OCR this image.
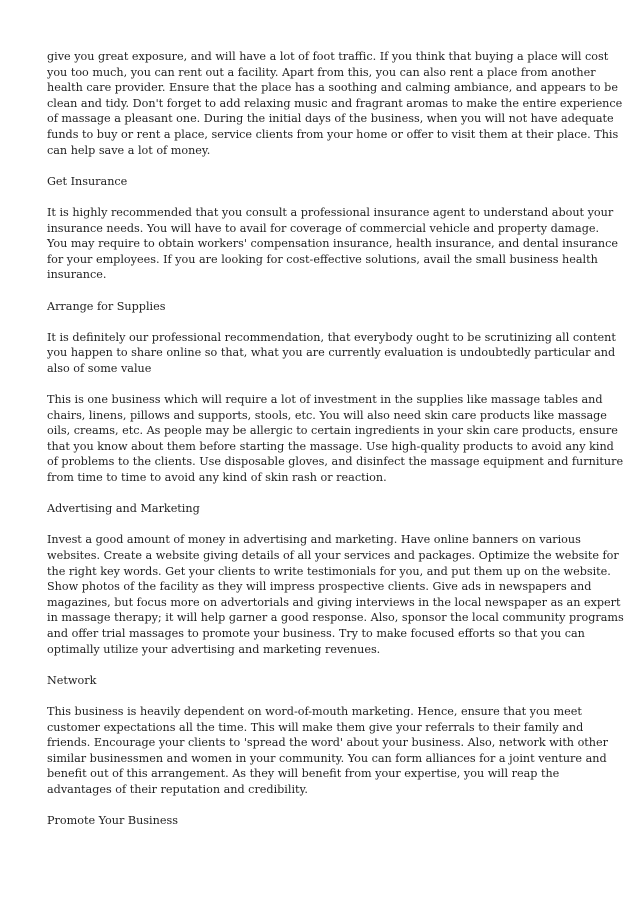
give you great exposure, and will have a lot of foot traffic. If you think that buying a place will cost
you too much, you can rent out a facility. Apart from this, you can also rent a place from another
health care provider. Ensure that the place has a soothing and calming ambiance, and appears to be
clean and tidy. Don't forget to add relaxing music and fragrant aromas to make the entire experience
of massage a pleasant one. During the initial days of the business, when you will not have adequate
funds to buy or rent a place, service clients from your home or offer to visit them at their place. This
can help save a lot of money.
Get Insurance
It is highly recommended that you consult a professional insurance agent to understand about your
insurance needs. You will have to avail for coverage of commercial vehicle and property damage.
You may require to obtain workers' compensation insurance, health insurance, and dental insurance
for your employees. If you are looking for cost-effective solutions, avail the small business health
insurance.
Arrange for Supplies
It is definitely our professional recommendation, that everybody ought to be scrutinizing all content
you happen to share online so that, what you are currently evaluation is undoubtedly particular and
also of some value
This is one business which will require a lot of investment in the supplies like massage tables and
chairs, linens, pillows and supports, stools, etc. You will also need skin care products like massage
oils, creams, etc. As people may be allergic to certain ingredients in your skin care products, ensure
that you know about them before starting the massage. Use high-quality products to avoid any kind
of problems to the clients. Use disposable gloves, and disinfect the massage equipment and furniture
from time to time to avoid any kind of skin rash or reaction.
Advertising and Marketing
Invest a good amount of money in advertising and marketing. Have online banners on various
websites. Create a website giving details of all your services and packages. Optimize the website for
the right key words. Get your clients to write testimonials for you, and put them up on the website.
Show photos of the facility as they will impress prospective clients. Give ads in newspapers and
magazines, but focus more on advertorials and giving interviews in the local newspaper as an expert
in massage therapy; it will help garner a good response. Also, sponsor the local community programs
and offer trial massages to promote your business. Try to make focused efforts so that you can
optimally utilize your advertising and marketing revenues.
Network
This business is heavily dependent on word-of-mouth marketing. Hence, ensure that you meet
customer expectations all the time. This will make them give your referrals to their family and
friends. Encourage your clients to 'spread the word' about your business. Also, network with other
similar businessmen and women in your community. You can form alliances for a joint venture and
benefit out of this arrangement. As they will benefit from your expertise, you will reap the
advantages of their reputation and credibility.
Promote Your Business
